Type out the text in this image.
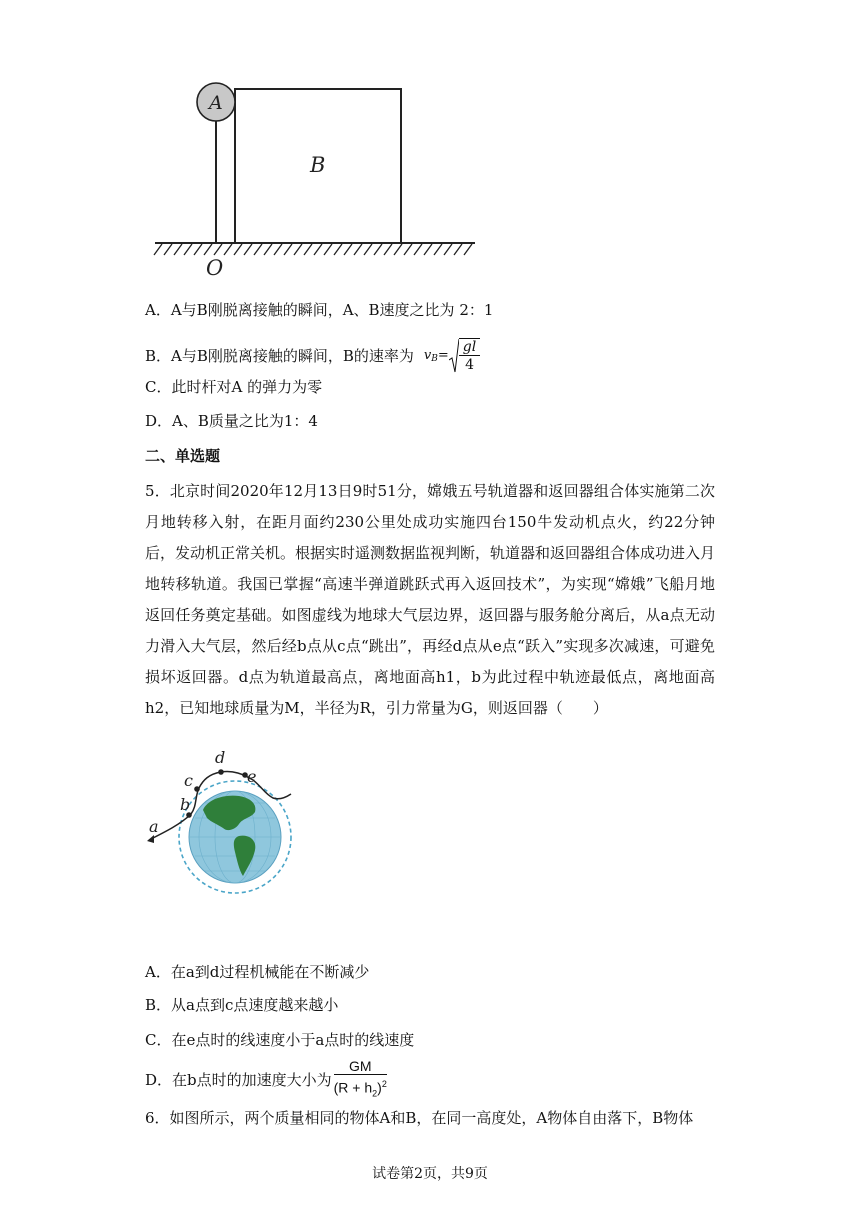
A
B
O
A．A与B刚脱离接触的瞬间，A、B速度之比为 2：1
B．A与B刚脱离接触的瞬间，B的速率为 $v_B = \frac{gl}{4}$
C．此时杆对A 的弹力为零
D．A、B质量之比为1：4
二、单选题
5．北京时间2020年12月13日9时51分，嫦娥五号轨道器和返回器组合体实施第二次月地转移入射，在距月面约230公里处成功实施四台150牛发动机点火，约22分钟后，发动机正常关机。根据实时遥测数据监视判断，轨道器和返回器组合体成功进入月地转移轨道。我国已掌握“高速半弹道跳跃式再入返回技术”，为实现“嫦娥”飞船月地返回任务奠定基础。如图虚线为地球大气层边界，返回器与服务舱分离后，从a点无动力滑入大气层，然后经b点从c点“跳出”，再经d点从e点“跃入”实现多次减速，可避免损坏返回器。d点为轨道最高点，离地面高h1，b为此过程中轨迹最低点，离地面高h2，已知地球质量为M，半径为R，引力常量为G，则返回器（　　）
a
b
c
d
e
A．在a到d过程机械能在不断减少
B．从a点到c点速度越来越小
C．在e点时的线速度小于a点时的线速度
D．在b点时的加速度大小为 $\frac{GM}{(R + h_2)^2}$
6．如图所示，两个质量相同的物体A和B，在同一高度处，A物体自由落下，B物体
试卷第2页，共9页
